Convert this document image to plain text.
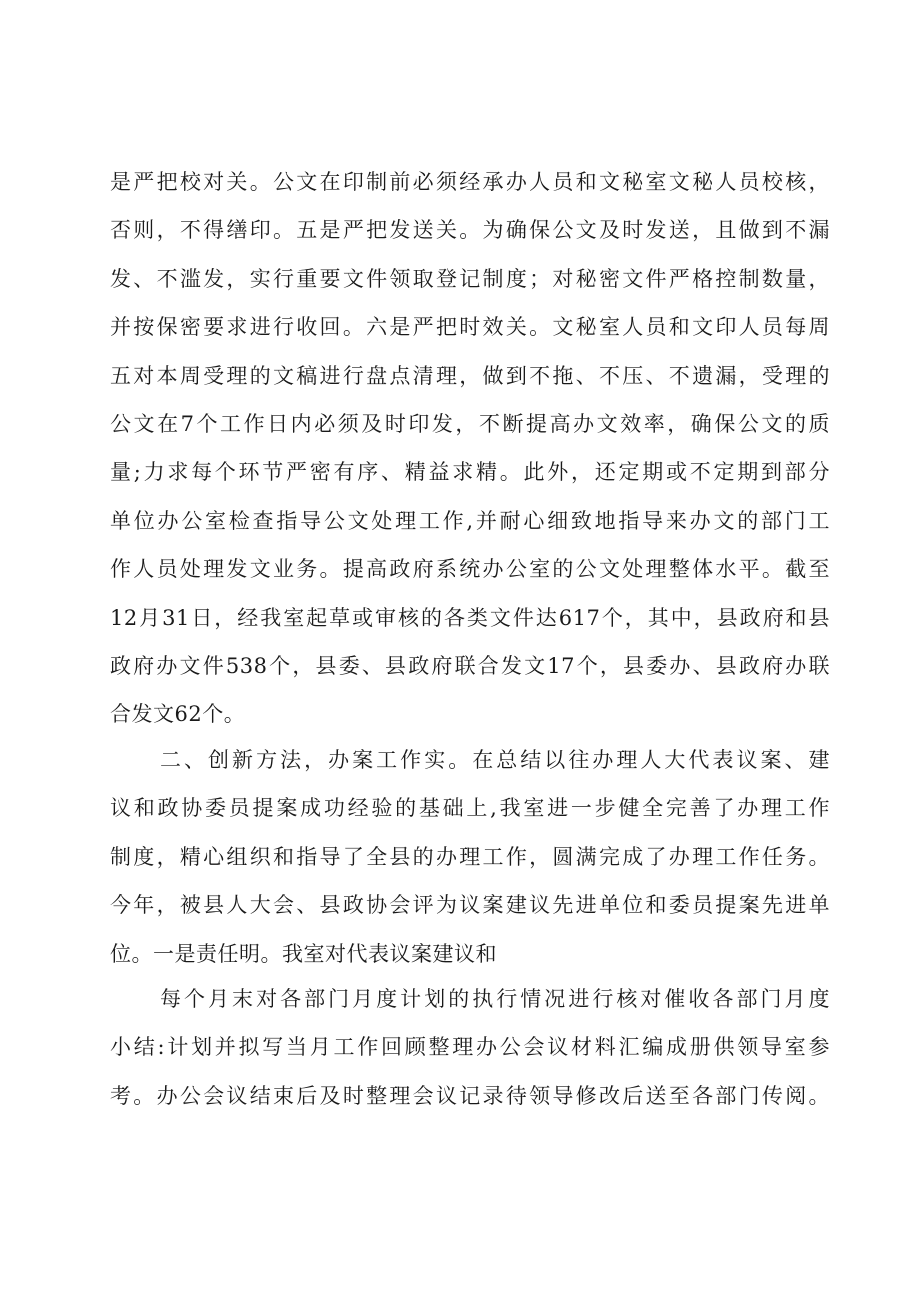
是严把校对关。公文在印制前必须经承办人员和文秘室文秘人员校核，
否则，不得缮印。五是严把发送关。为确保公文及时发送，且做到不漏
发、不滥发，实行重要文件领取登记制度；对秘密文件严格控制数量，
并按保密要求进行收回。六是严把时效关。文秘室人员和文印人员每周
五对本周受理的文稿进行盘点清理，做到不拖、不压、不遗漏，受理的
公文在7个工作日内必须及时印发，不断提高办文效率，确保公文的质
量;力求每个环节严密有序、精益求精。此外，还定期或不定期到部分
单位办公室检查指导公文处理工作,并耐心细致地指导来办文的部门工
作人员处理发文业务。提高政府系统办公室的公文处理整体水平。截至
12月31日，经我室起草或审核的各类文件达617个，其中，县政府和县
政府办文件538个，县委、县政府联合发文17个，县委办、县政府办联
合发文62个。
二、创新方法，办案工作实。在总结以往办理人大代表议案、建
议和政协委员提案成功经验的基础上,我室进一步健全完善了办理工作
制度，精心组织和指导了全县的办理工作，圆满完成了办理工作任务。
今年，被县人大会、县政协会评为议案建议先进单位和委员提案先进单
位。一是责任明。我室对代表议案建议和
每个月末对各部门月度计划的执行情况进行核对催收各部门月度
小结:计划并拟写当月工作回顾整理办公会议材料汇编成册供领导室参
考。办公会议结束后及时整理会议记录待领导修改后送至各部门传阅。
